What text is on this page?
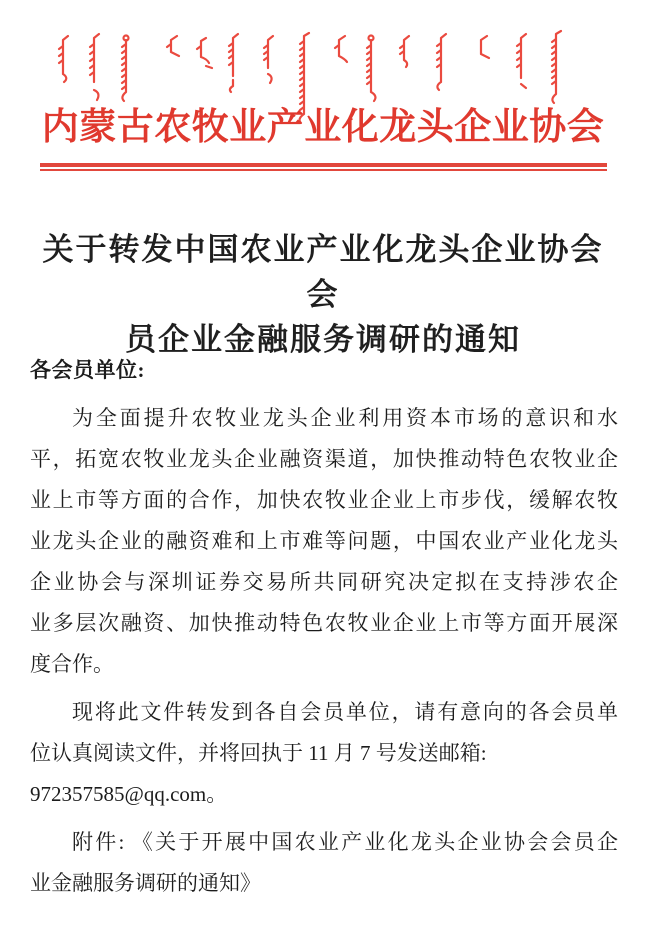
内蒙古农牧业产业化龙头企业协会
关于转发中国农业产业化龙头企业协会会
员企业金融服务调研的通知
各会员单位:
为全面提升农牧业龙头企业利用资本市场的意识和水
平，拓宽农牧业龙头企业融资渠道，加快推动特色农牧业企
业上市等方面的合作，加快农牧业企业上市步伐，缓解农牧
业龙头企业的融资难和上市难等问题，中国农业产业化龙头
企业协会与深圳证券交易所共同研究决定拟在支持涉农企
业多层次融资、加快推动特色农牧业企业上市等方面开展深
度合作。
现将此文件转发到各自会员单位，请有意向的各会员单
位认真阅读文件，并将回执于 11 月 7 号发送邮箱:
972357585@qq.com。
附件: 《关于开展中国农业产业化龙头企业协会会员企
业金融服务调研的通知》
